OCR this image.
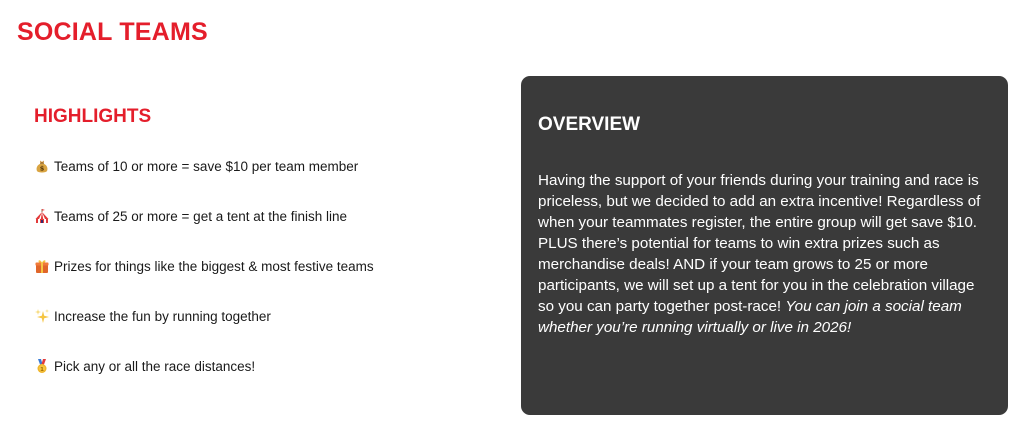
SOCIAL TEAMS
HIGHLIGHTS
$ Teams of 10 or more = save $10 per team member
Teams of 25 or more = get a tent at the finish line
Prizes for things like the biggest & most festive teams
Increase the fun by running together
1 Pick any or all the race distances!
OVERVIEW

Having the support of your friends during your training and race is priceless, but we decided to add an extra incentive! Regardless of when your teammates register, the entire group will get save $10. PLUS there’s potential for teams to win extra prizes such as merchandise deals! AND if your team grows to 25 or more participants, we will set up a tent for you in the celebration village so you can party together post-race! You can join a social team whether you’re running virtually or live in 2026!
